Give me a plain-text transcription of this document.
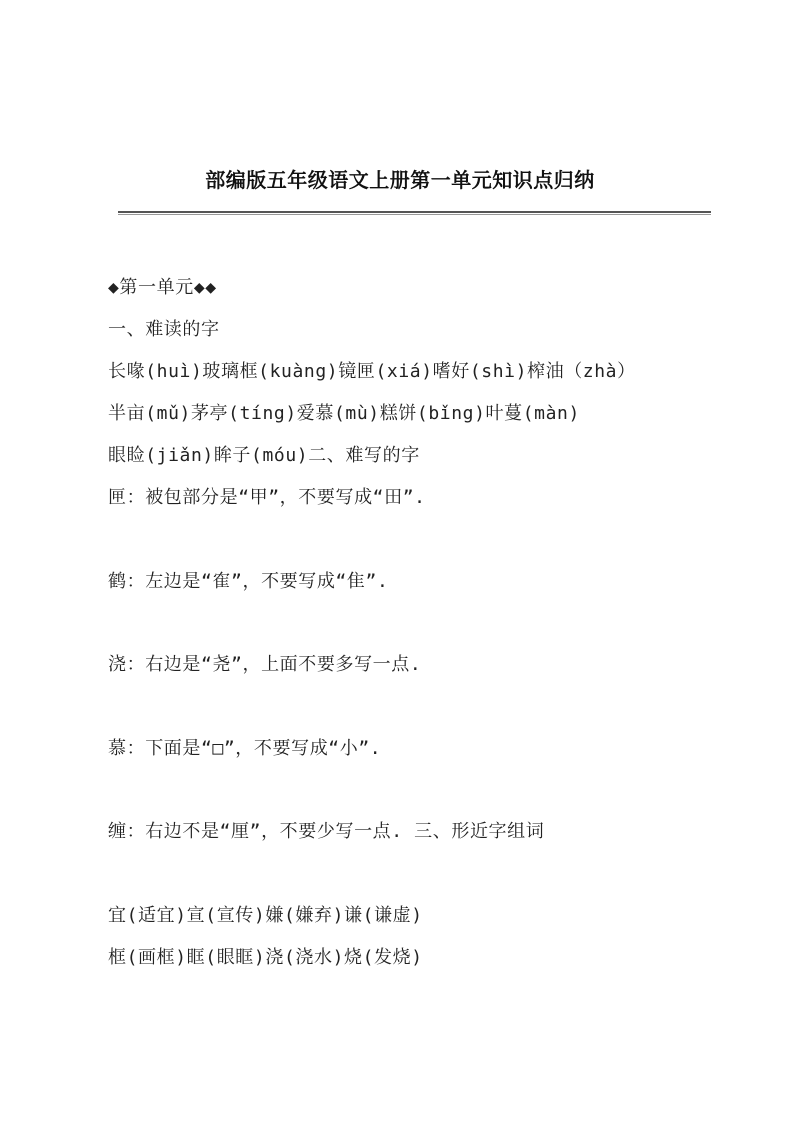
部编版五年级语文上册第一单元知识点归纳
◆第一单元◆◆
一、难读的字
长喙(huì)玻璃框(kuàng)镜匣(xiá)嗜好(shì)榨油（zhà）
半亩(mǔ)茅亭(tíng)爱慕(mù)糕饼(bǐng)叶蔓(màn)
眼睑(jiǎn)眸子(móu)二、难写的字
匣：被包部分是“甲”，不要写成“田”.
鹤：左边是“隺”，不要写成“隹”.
浇：右边是“尧”，上面不要多写一点.
慕：下面是“□”，不要写成“小”.
缠：右边不是“厘”，不要少写一点. 三、形近字组词
宜(适宜)宣(宣传)嫌(嫌弃)谦(谦虚)
框(画框)眶(眼眶)浇(浇水)烧(发烧)
